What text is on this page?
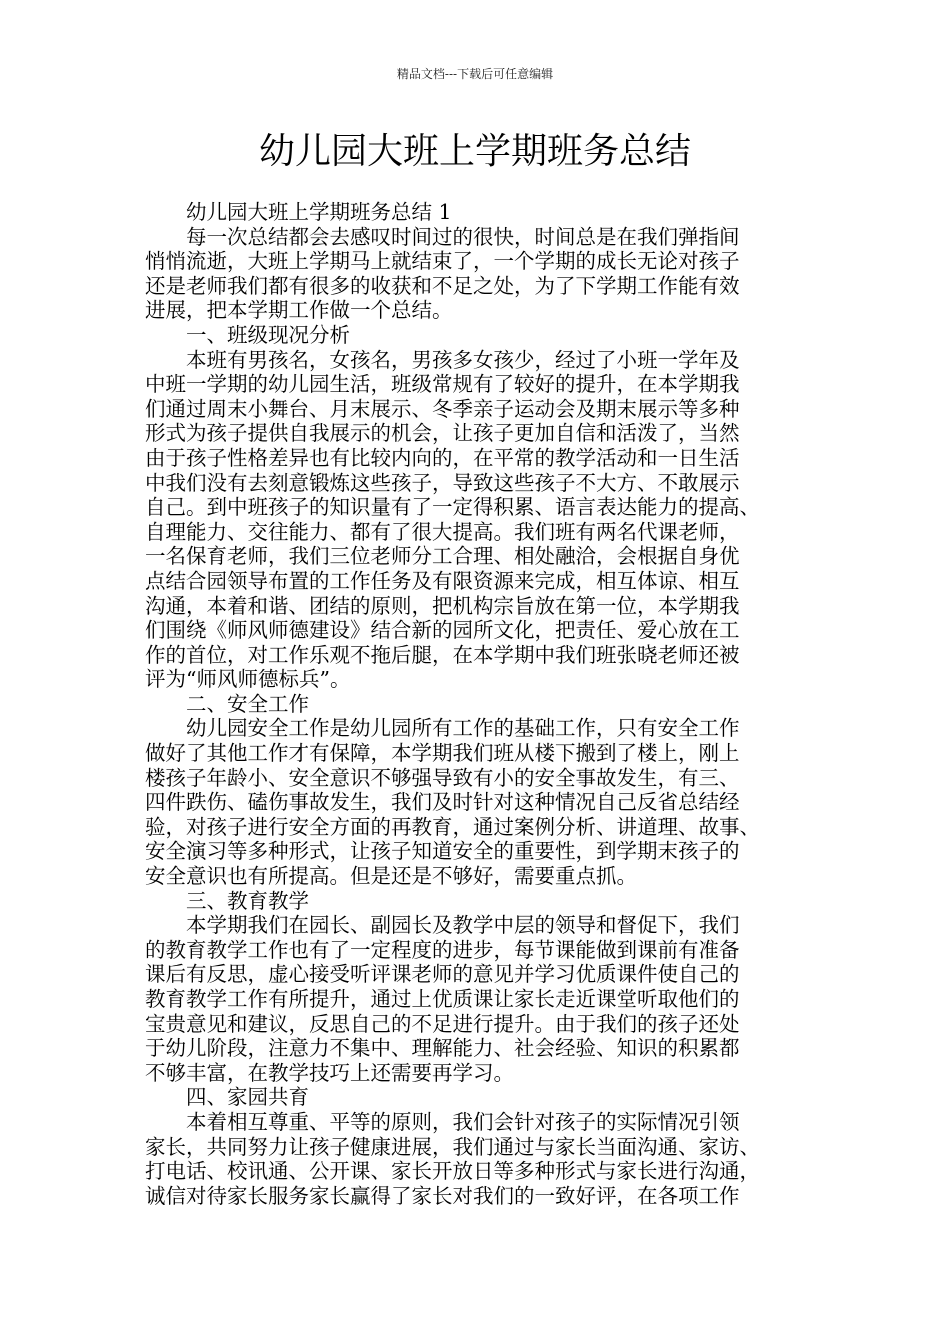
精品文档---下载后可任意编辑
幼儿园大班上学期班务总结

幼儿园大班上学期班务总结 1

每一次总结都会去感叹时间过的很快，时间总是在我们弹指间
悄悄流逝，大班上学期马上就结束了，一个学期的成长无论对孩子
还是老师我们都有很多的收获和不足之处，为了下学期工作能有效
进展，把本学期工作做一个总结。

一、班级现况分析

本班有男孩名，女孩名，男孩多女孩少，经过了小班一学年及
中班一学期的幼儿园生活，班级常规有了较好的提升，在本学期我
们通过周末小舞台、月末展示、冬季亲子运动会及期末展示等多种
形式为孩子提供自我展示的机会，让孩子更加自信和活泼了，当然
由于孩子性格差异也有比较内向的，在平常的教学活动和一日生活
中我们没有去刻意锻炼这些孩子，导致这些孩子不大方、不敢展示
自己。到中班孩子的知识量有了一定得积累、语言表达能力的提高、
自理能力、交往能力、都有了很大提高。我们班有两名代课老师，
一名保育老师，我们三位老师分工合理、相处融洽，会根据自身优
点结合园领导布置的工作任务及有限资源来完成，相互体谅、相互
沟通，本着和谐、团结的原则，把机构宗旨放在第一位，本学期我
们围绕《师风师德建设》结合新的园所文化，把责任、爱心放在工
作的首位，对工作乐观不拖后腿，在本学期中我们班张晓老师还被
评为“师风师德标兵”。

二、安全工作

幼儿园安全工作是幼儿园所有工作的基础工作，只有安全工作
做好了其他工作才有保障，本学期我们班从楼下搬到了楼上，刚上
楼孩子年龄小、安全意识不够强导致有小的安全事故发生，有三、
四件跌伤、磕伤事故发生，我们及时针对这种情况自己反省总结经
验，对孩子进行安全方面的再教育，通过案例分析、讲道理、故事、
安全演习等多种形式，让孩子知道安全的重要性，到学期末孩子的
安全意识也有所提高。但是还是不够好，需要重点抓。

三、教育教学

本学期我们在园长、副园长及教学中层的领导和督促下，我们
的教育教学工作也有了一定程度的进步，每节课能做到课前有准备
课后有反思，虚心接受听评课老师的意见并学习优质课件使自己的
教育教学工作有所提升，通过上优质课让家长走近课堂听取他们的
宝贵意见和建议，反思自己的不足进行提升。由于我们的孩子还处
于幼儿阶段，注意力不集中、理解能力、社会经验、知识的积累都
不够丰富，在教学技巧上还需要再学习。

四、家园共育

本着相互尊重、平等的原则，我们会针对孩子的实际情况引领
家长，共同努力让孩子健康进展，我们通过与家长当面沟通、家访、
打电话、校讯通、公开课、家长开放日等多种形式与家长进行沟通，
诚信对待家长服务家长赢得了家长对我们的一致好评，在各项工作
